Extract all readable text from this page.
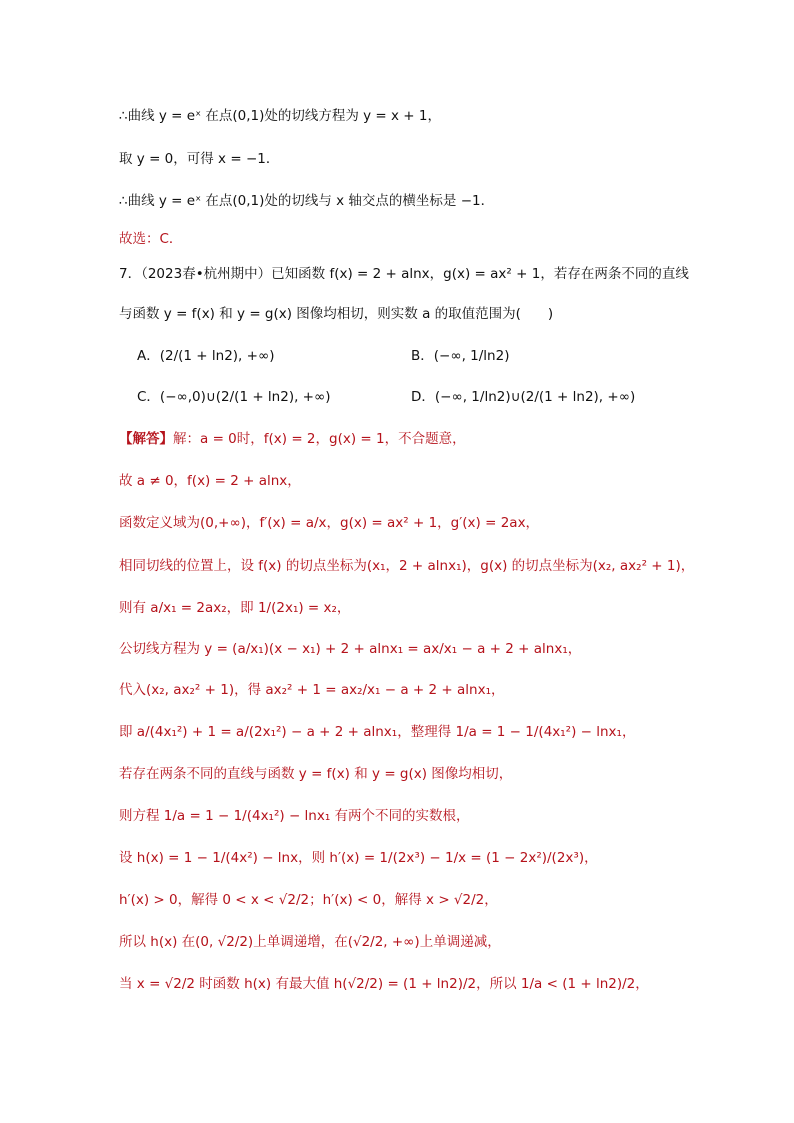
∴曲线 y = eˣ 在点(0,1)处的切线方程为 y = x + 1，
取 y = 0，可得 x = −1．
∴曲线 y = eˣ 在点(0,1)处的切线与 x 轴交点的横坐标是 −1．
故选：C．
7．（2023春•杭州期中）已知函数 f(x) = 2 + alnx，g(x) = ax² + 1，若存在两条不同的直线
与函数 y = f(x) 和 y = g(x) 图像均相切，则实数 a 的取值范围为(　　)
A．(2/(1 + ln2), +∞)	B．(−∞, 1/ln2)
C．(−∞,0)∪(2/(1 + ln2), +∞)	D．(−∞, 1/ln2)∪(2/(1 + ln2), +∞)
【解答】解：a = 0时，f(x) = 2，g(x) = 1，不合题意，
故 a ≠ 0，f(x) = 2 + alnx，
函数定义域为(0,+∞)，f′(x) = a/x，g(x) = ax² + 1，g′(x) = 2ax，
相同切线的位置上，设 f(x) 的切点坐标为(x₁，2 + alnx₁)，g(x) 的切点坐标为(x₂, ax₂² + 1)，
则有 a/x₁ = 2ax₂，即 1/(2x₁) = x₂，
公切线方程为 y = (a/x₁)(x − x₁) + 2 + alnx₁ = ax/x₁ − a + 2 + alnx₁，
代入(x₂, ax₂² + 1)，得 ax₂² + 1 = ax₂/x₁ − a + 2 + alnx₁，
即 a/(4x₁²) + 1 = a/(2x₁²) − a + 2 + alnx₁，整理得 1/a = 1 − 1/(4x₁²) − lnx₁，
若存在两条不同的直线与函数 y = f(x) 和 y = g(x) 图像均相切，
则方程 1/a = 1 − 1/(4x₁²) − lnx₁ 有两个不同的实数根，
设 h(x) = 1 − 1/(4x²) − lnx，则 h′(x) = 1/(2x³) − 1/x = (1 − 2x²)/(2x³)，
h′(x) > 0，解得 0 < x < √2/2；h′(x) < 0，解得 x > √2/2，
所以 h(x) 在(0, √2/2)上单调递增，在(√2/2, +∞)上单调递减，
当 x = √2/2 时函数 h(x) 有最大值 h(√2/2) = (1 + ln2)/2，所以 1/a < (1 + ln2)/2，
